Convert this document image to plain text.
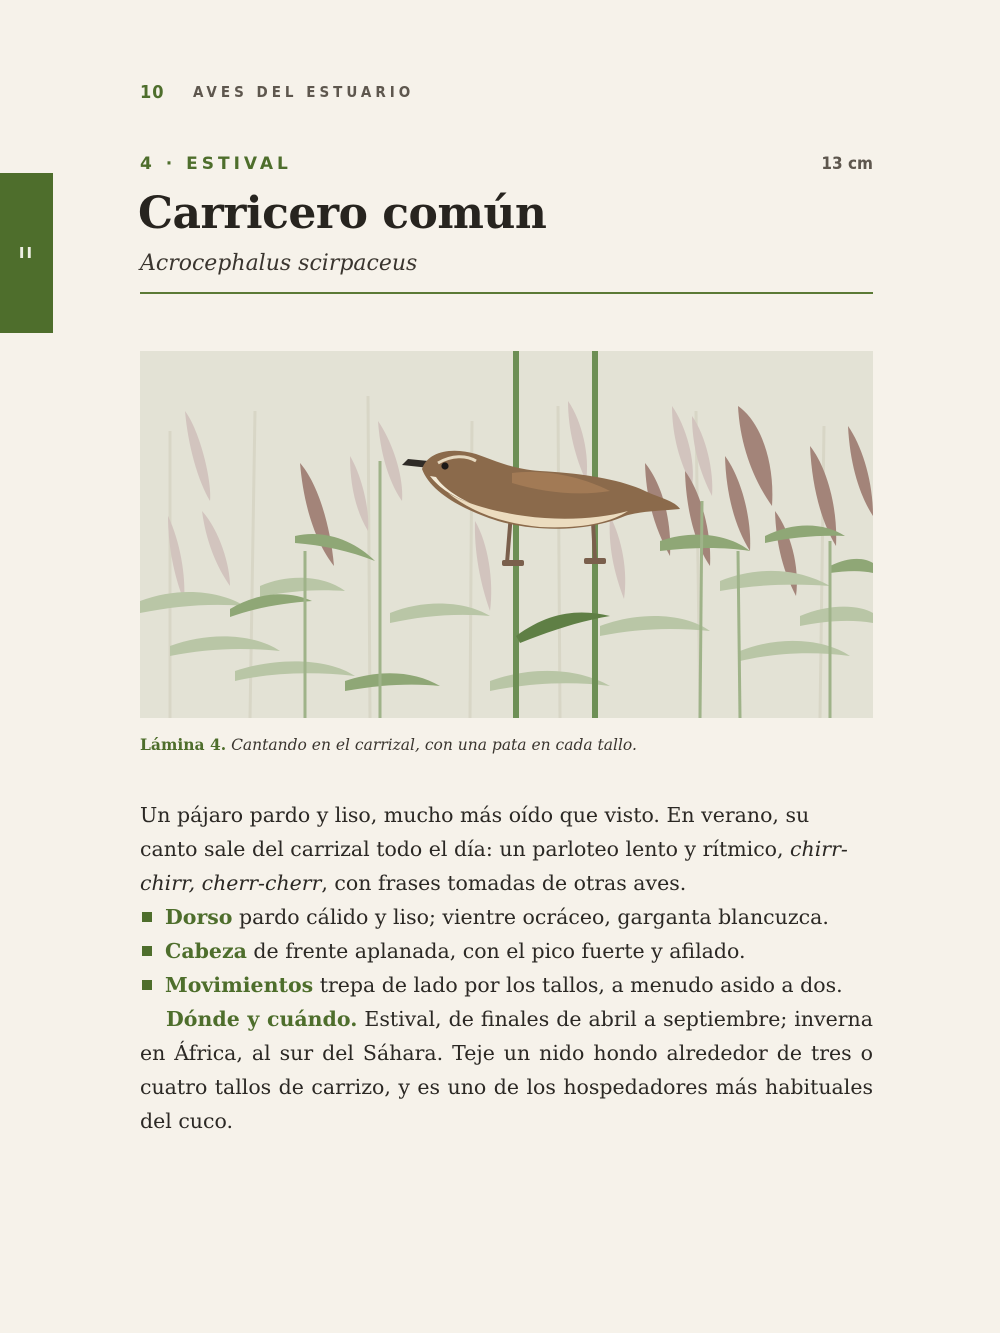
10	AVES DEL ESTUARIO
II
4 · ESTIVAL	13 cm
Carricero común
Acrocephalus scirpaceus
Lámina 4. Cantando en el carrizal, con una pata en cada tallo.

Un pájaro pardo y liso, mucho más oído que visto. En verano, su canto sale del carrizal todo el día: un parloteo lento y rítmico, chirr-chirr, cherr-cherr, con frases tomadas de otras aves.

Dorso pardo cálido y liso; vientre ocráceo, garganta blancuzca.
Cabeza de frente aplanada, con el pico fuerte y afilado.
Movimientos trepa de lado por los tallos, a menudo asido a dos.

Dónde y cuándo. Estival, de finales de abril a septiembre; inverna en África, al sur del Sáhara. Teje un nido hondo alrededor de tres o cuatro tallos de carrizo, y es uno de los hospedadores más habituales del cuco.
